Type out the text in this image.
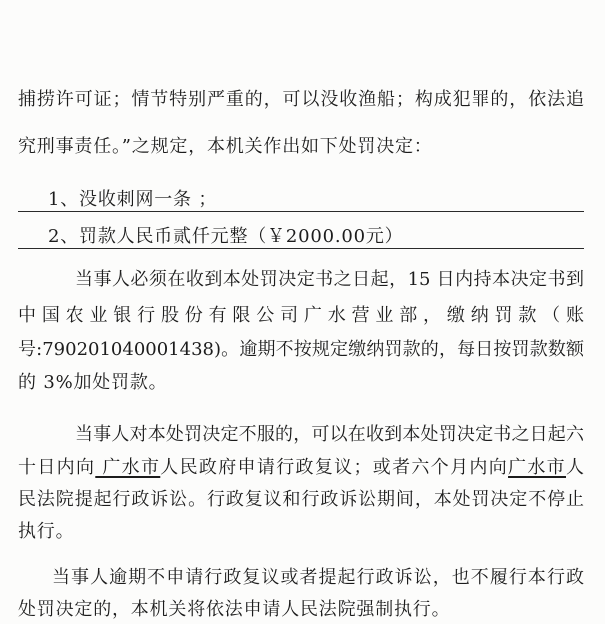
捕捞许可证；情节特别严重的，可以没收渔船；构成犯罪的，依法追
究刑事责任。”之规定，本机关作出如下处罚决定：
1、没收刺网一条 ；
2、罚款人民币贰仟元整（￥2000.00元）
当事人必须在收到本处罚决定书之日起，15 日内持本决定书到
中国农业银行股份有限公司广水营业部，缴纳罚款（账
号:790201040001438)。逾期不按规定缴纳罚款的，每日按罚款数额
的 3%加处罚款。
当事人对本处罚决定不服的，可以在收到本处罚决定书之日起六
十日内向 广水市人民政府申请行政复议；或者六个月内向广水市人
民法院提起行政诉讼。行政复议和行政诉讼期间，本处罚决定不停止
执行。
当事人逾期不申请行政复议或者提起行政诉讼，也不履行本行政
处罚决定的，本机关将依法申请人民法院强制执行。
